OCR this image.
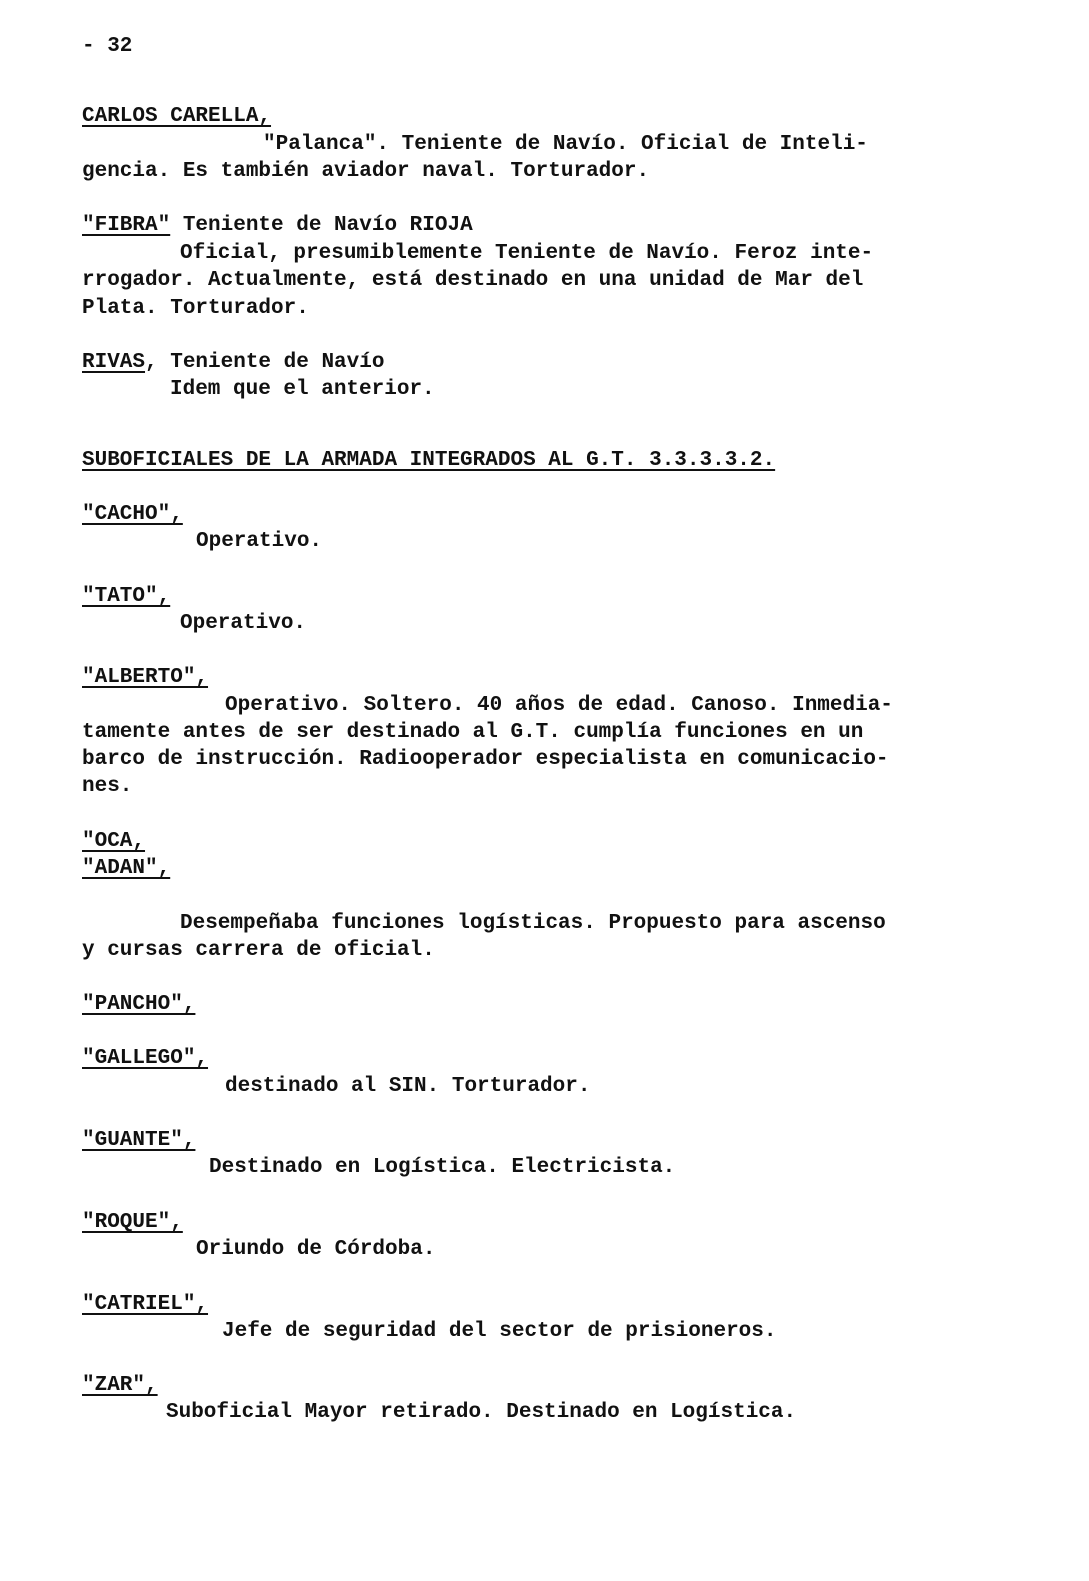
- 32
CARLOS CARELLA,
"Palanca". Teniente de Navío. Oficial de Inteli-
gencia. Es también aviador naval. Torturador.
"FIBRA" Teniente de Navío RIOJA
Oficial, presumiblemente Teniente de Navío. Feroz inte-
rrogador. Actualmente, está destinado en una unidad de Mar del
Plata. Torturador.
RIVAS, Teniente de Navío
Idem que el anterior.
SUBOFICIALES DE LA ARMADA INTEGRADOS AL G.T. 3.3.3.3.2.
"CACHO",
Operativo.
"TATO",
Operativo.
"ALBERTO",
Operativo. Soltero. 40 años de edad. Canoso. Inmedia-
tamente antes de ser destinado al G.T. cumplía funciones en un
barco de instrucción. Radiooperador especialista en comunicacio-
nes.
"OCA,
"ADAN",
Desempeñaba funciones logísticas. Propuesto para ascenso
y cursas carrera de oficial.
"PANCHO",
"GALLEGO",
destinado al SIN. Torturador.
"GUANTE",
Destinado en Logística. Electricista.
"ROQUE",
Oriundo de Córdoba.
"CATRIEL",
Jefe de seguridad del sector de prisioneros.
"ZAR",
Suboficial Mayor retirado. Destinado en Logística.
